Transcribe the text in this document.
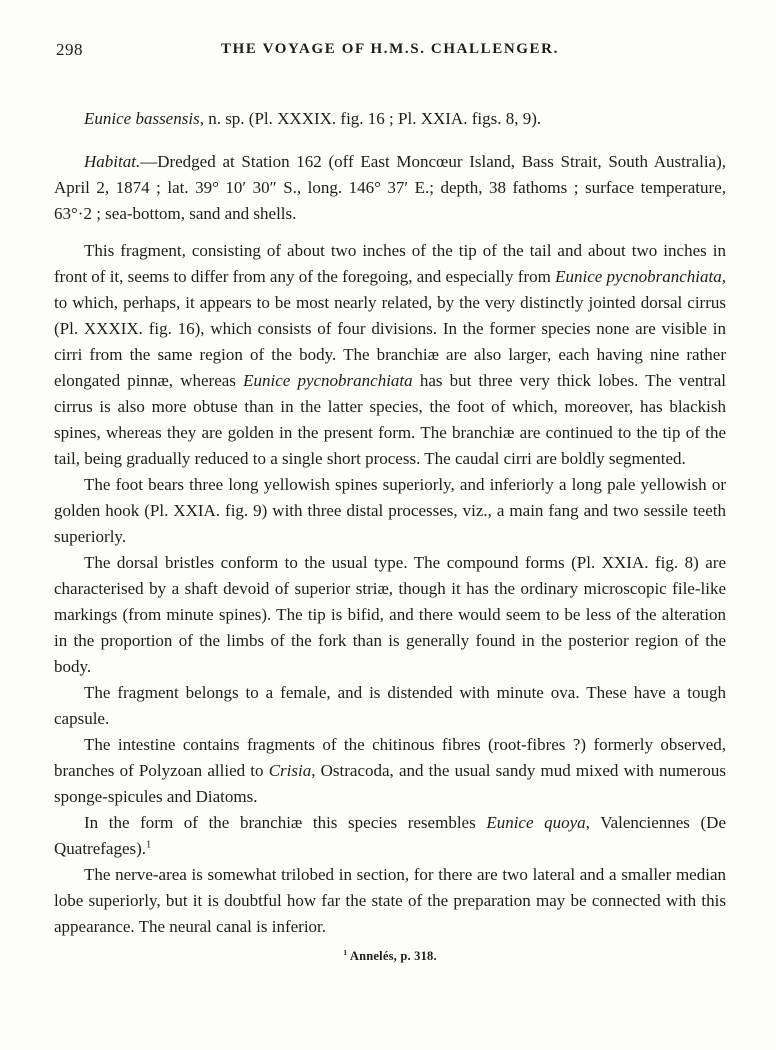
298	THE VOYAGE OF H.M.S. CHALLENGER.

Eunice bassensis, n. sp. (Pl. XXXIX. fig. 16 ; Pl. XXIA. figs. 8, 9).

Habitat.—Dredged at Station 162 (off East Moncœur Island, Bass Strait, South Australia), April 2, 1874 ; lat. 39° 10′ 30″ S., long. 146° 37′ E.; depth, 38 fathoms ; surface temperature, 63°·2 ; sea-bottom, sand and shells.

This fragment, consisting of about two inches of the tip of the tail and about two inches in front of it, seems to differ from any of the foregoing, and especially from Eunice pycnobranchiata, to which, perhaps, it appears to be most nearly related, by the very distinctly jointed dorsal cirrus (Pl. XXXIX. fig. 16), which consists of four divisions. In the former species none are visible in cirri from the same region of the body. The branchiæ are also larger, each having nine rather elongated pinnæ, whereas Eunice pycnobranchiata has but three very thick lobes. The ventral cirrus is also more obtuse than in the latter species, the foot of which, moreover, has blackish spines, whereas they are golden in the present form. The branchiæ are continued to the tip of the tail, being gradually reduced to a single short process. The caudal cirri are boldly segmented.

The foot bears three long yellowish spines superiorly, and inferiorly a long pale yellowish or golden hook (Pl. XXIA. fig. 9) with three distal processes, viz., a main fang and two sessile teeth superiorly.

The dorsal bristles conform to the usual type. The compound forms (Pl. XXIA. fig. 8) are characterised by a shaft devoid of superior striæ, though it has the ordinary microscopic file-like markings (from minute spines). The tip is bifid, and there would seem to be less of the alteration in the proportion of the limbs of the fork than is generally found in the posterior region of the body.

The fragment belongs to a female, and is distended with minute ova. These have a tough capsule.

The intestine contains fragments of the chitinous fibres (root-fibres ?) formerly observed, branches of Polyzoan allied to Crisia, Ostracoda, and the usual sandy mud mixed with numerous sponge-spicules and Diatoms.

In the form of the branchiæ this species resembles Eunice quoya, Valenciennes (De Quatrefages).$^1$

The nerve-area is somewhat trilobed in section, for there are two lateral and a smaller median lobe superiorly, but it is doubtful how far the state of the preparation may be connected with this appearance. The neural canal is inferior.

$^1$ Annelés, p. 318.
